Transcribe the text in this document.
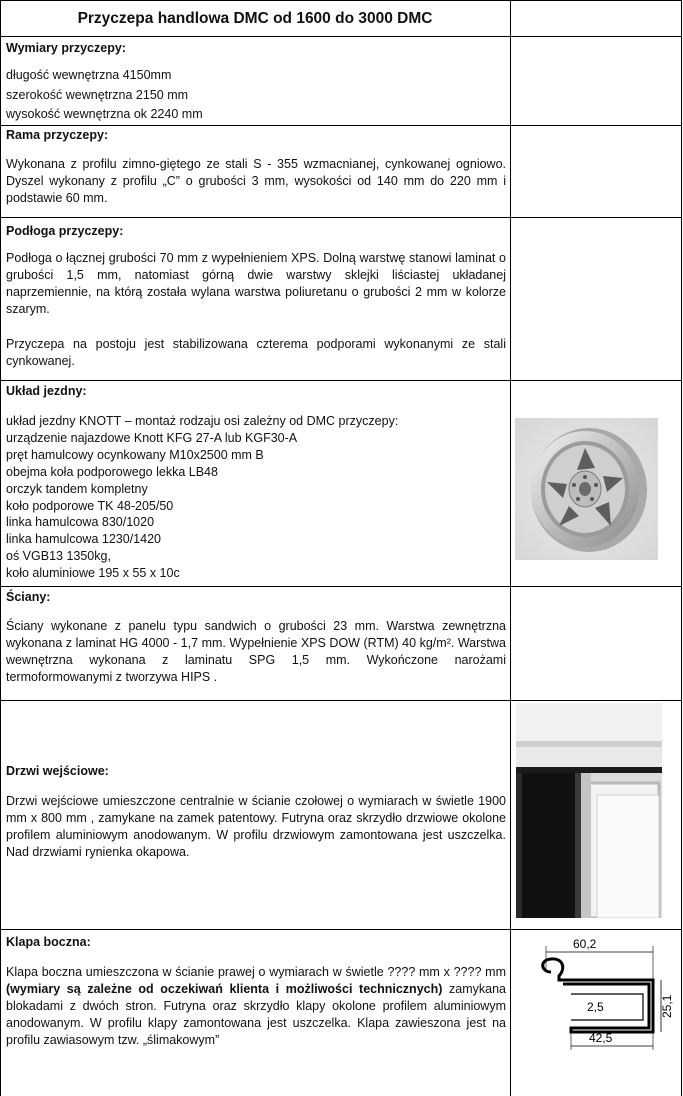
Przyczepa handlowa DMC od 1600 do 3000 DMC
Wymiary przyczepy:
długość wewnętrzna 4150mm
szerokość wewnętrzna 2150 mm
wysokość wewnętrzna ok 2240 mm
Rama przyczepy:
Wykonana z profilu zimno-giętego ze stali S - 355 wzmacnianej, cynkowanej ogniowo. Dyszel wykonany z profilu „C” o grubości 3 mm, wysokości od 140 mm do 220 mm i podstawie 60 mm.
Podłoga przyczepy:
Podłoga o łącznej grubości 70 mm z wypełnieniem XPS. Dolną warstwę stanowi laminat o grubości 1,5 mm, natomiast górną dwie warstwy sklejki liściastej układanej naprzemiennie, na którą została wylana warstwa poliuretanu o grubości 2 mm w kolorze szarym.
Przyczepa na postoju jest stabilizowana czterema podporami wykonanymi ze stali cynkowanej.
Układ jezdny:
układ jezdny KNOTT – montaż rodzaju osi zależny od DMC przyczepy:
urządzenie najazdowe Knott KFG 27-A lub KGF30-A
pręt hamulcowy ocynkowany M10x2500 mm B
obejma koła podporowego lekka LB48
orczyk tandem kompletny
koło podporowe TK 48-205/50
linka hamulcowa 830/1020
linka hamulcowa 1230/1420
oś VGB13 1350kg,
koło aluminiowe 195 x 55 x 10c
Ściany:
Ściany wykonane z panelu typu sandwich o grubości 23 mm. Warstwa zewnętrzna wykonana z laminat HG 4000 - 1,7 mm. Wypełnienie XPS DOW (RTM) 40 kg/m². Warstwa wewnętrzna wykonana z laminatu SPG 1,5 mm. Wykończone narożami termoformowanymi z tworzywa HIPS .
Drzwi wejściowe:
Drzwi wejściowe umieszczone centralnie w ścianie czołowej o wymiarach w świetle 1900 mm x 800 mm , zamykane na zamek patentowy. Futryna oraz skrzydło drzwiowe okolone profilem aluminiowym anodowanym. W profilu drzwiowym zamontowana jest uszczelka. Nad drzwiami rynienka okapowa.
Klapa boczna:
Klapa boczna umieszczona w ścianie prawej o wymiarach w świetle ???? mm x ???? mm (wymiary są zależne od oczekiwań klienta i możliwości technicznych) zamykana blokadami z dwóch stron. Futryna oraz skrzydło klapy okolone profilem aluminiowym anodowanym. W profilu klapy zamontowana jest uszczelka. Klapa zawieszona jest na profilu zawiasowym tzw. „ślimakowym”
60,2
2,5	25,1
42,5
